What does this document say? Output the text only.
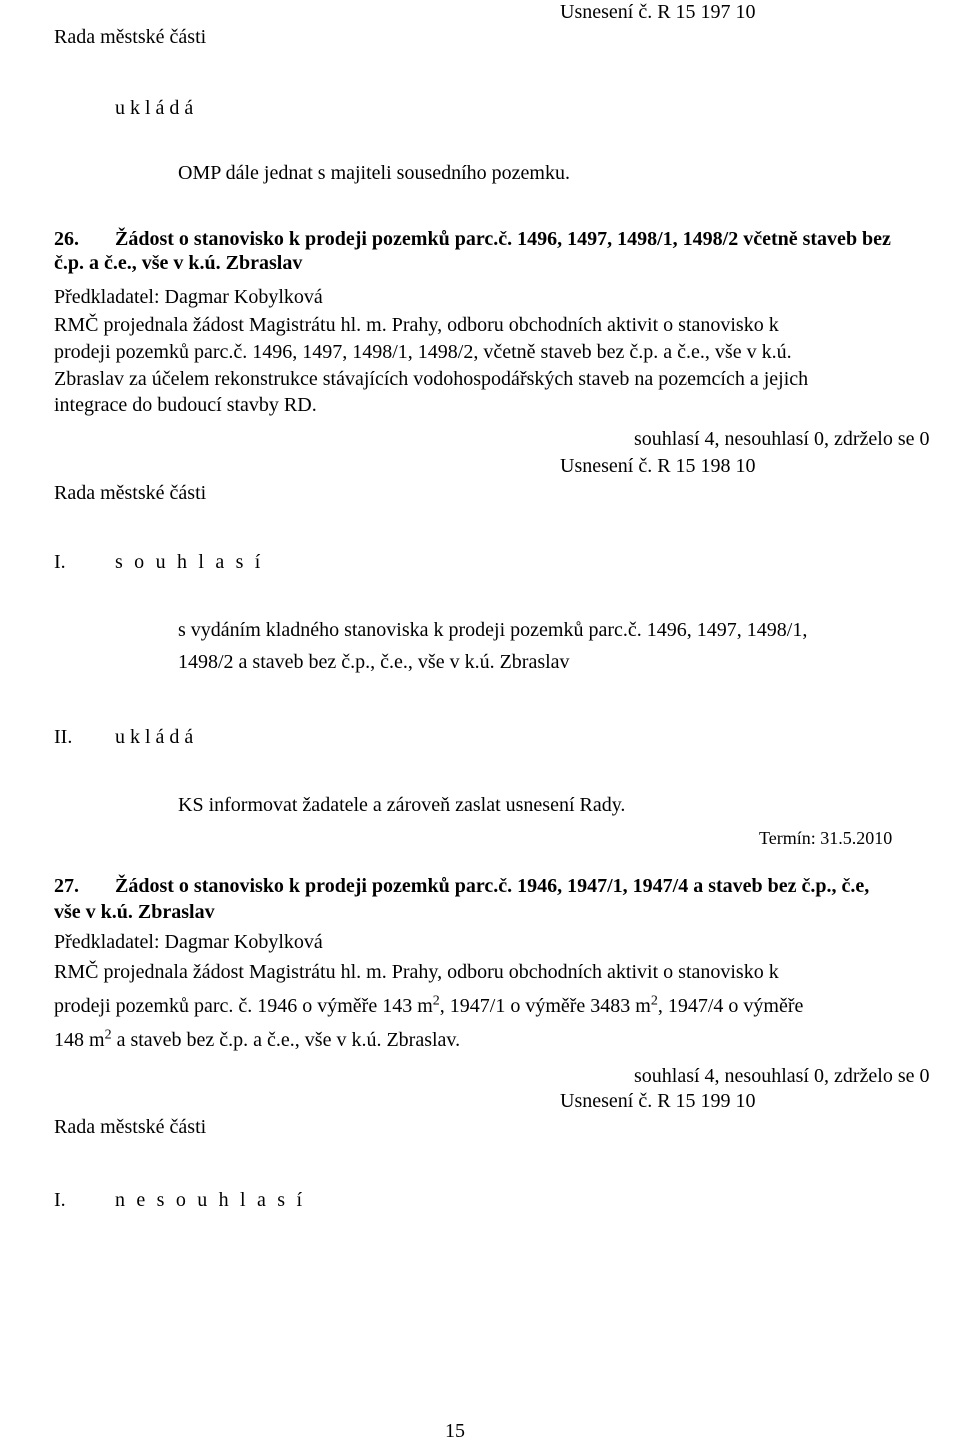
Rada městské části
Usnesení č. R 15 197 10
u k l á d á
OMP dále jednat s majiteli sousedního pozemku.
26. Žádost o stanovisko k prodeji pozemků parc.č. 1496, 1497, 1498/1, 1498/2 včetně staveb bez
č.p. a č.e., vše v k.ú. Zbraslav
Předkladatel: Dagmar Kobylková
RMČ projednala žádost Magistrátu hl. m. Prahy, odboru obchodních aktivit o stanovisko k
prodeji pozemků parc.č. 1496, 1497, 1498/1, 1498/2, včetně staveb bez č.p. a č.e., vše v k.ú.
Zbraslav za účelem rekonstrukce stávajících vodohospodářských staveb na pozemcích a jejich
integrace do budoucí stavby RD.
souhlasí 4, nesouhlasí 0, zdrželo se 0
Usnesení č. R 15 198 10
Rada městské části
I. s o u h l a s í
s vydáním kladného stanoviska k prodeji pozemků parc.č. 1496, 1497, 1498/1,
1498/2 a staveb bez č.p., č.e., vše v k.ú. Zbraslav
II. u k l á d á
KS informovat žadatele a zároveň zaslat usnesení Rady.
Termín: 31.5.2010
27. Žádost o stanovisko k prodeji pozemků parc.č. 1946, 1947/1, 1947/4 a staveb bez č.p., č.e,
vše v k.ú. Zbraslav
Předkladatel: Dagmar Kobylková
RMČ projednala žádost Magistrátu hl. m. Prahy, odboru obchodních aktivit o stanovisko k
prodeji pozemků parc. č. 1946 o výměře 143 $m^2$, 1947/1 o výměře 3483 $m^2$, 1947/4 o výměře
148 $m^2$ a staveb bez č.p. a č.e., vše v k.ú. Zbraslav.
souhlasí 4, nesouhlasí 0, zdrželo se 0
Usnesení č. R 15 199 10
Rada městské části
I. n e s o u h l a s í
15
